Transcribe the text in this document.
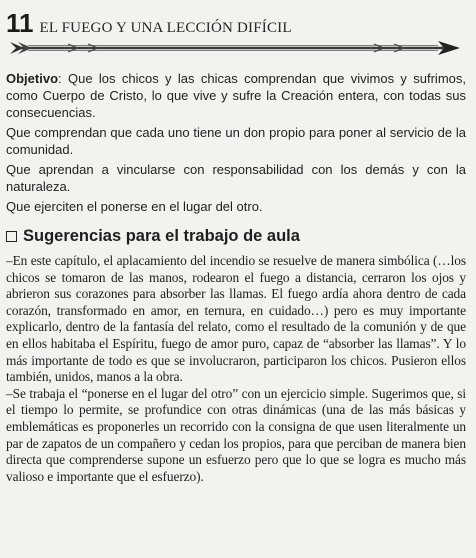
11 EL FUEGO Y UNA LECCIÓN DIFÍCIL

Objetivo: Que los chicos y las chicas comprendan que vivimos y sufrimos, como Cuerpo de Cristo, lo que vive y sufre la Creación entera, con todas sus consecuencias.

Que comprendan que cada uno tiene un don propio para poner al servicio de la comunidad.

Que aprendan a vincularse con responsabilidad con los demás y con la naturaleza.

Que ejerciten el ponerse en el lugar del otro.

Sugerencias para el trabajo de aula

–En este capítulo, el aplacamiento del incendio se resuelve de manera simbólica (…los chicos se tomaron de las manos, rodearon el fuego a distancia, cerraron los ojos y abrieron sus corazones para absorber las llamas. El fuego ardía ahora dentro de cada corazón, transformado en amor, en ternura, en cuidado…) pero es muy importante explicarlo, dentro de la fantasía del relato, como el resultado de la comunión y de que en ellos habitaba el Espíritu, fuego de amor puro, capaz de “absorber las llamas”. Y lo más importante de todo es que se involucraron, participaron los chicos. Pusieron ellos también, unidos, manos a la obra.

–Se trabaja el “ponerse en el lugar del otro” con un ejercicio simple. Sugerimos que, si el tiempo lo permite, se profundice con otras dinámicas (una de las más básicas y emblemáticas es proponerles un recorrido con la consigna de que usen literalmente un par de zapatos de un compañero y cedan los propios, para que perciban de manera bien directa que comprenderse supone un esfuerzo pero que lo que se logra es mucho más valioso e importante que el esfuerzo).
